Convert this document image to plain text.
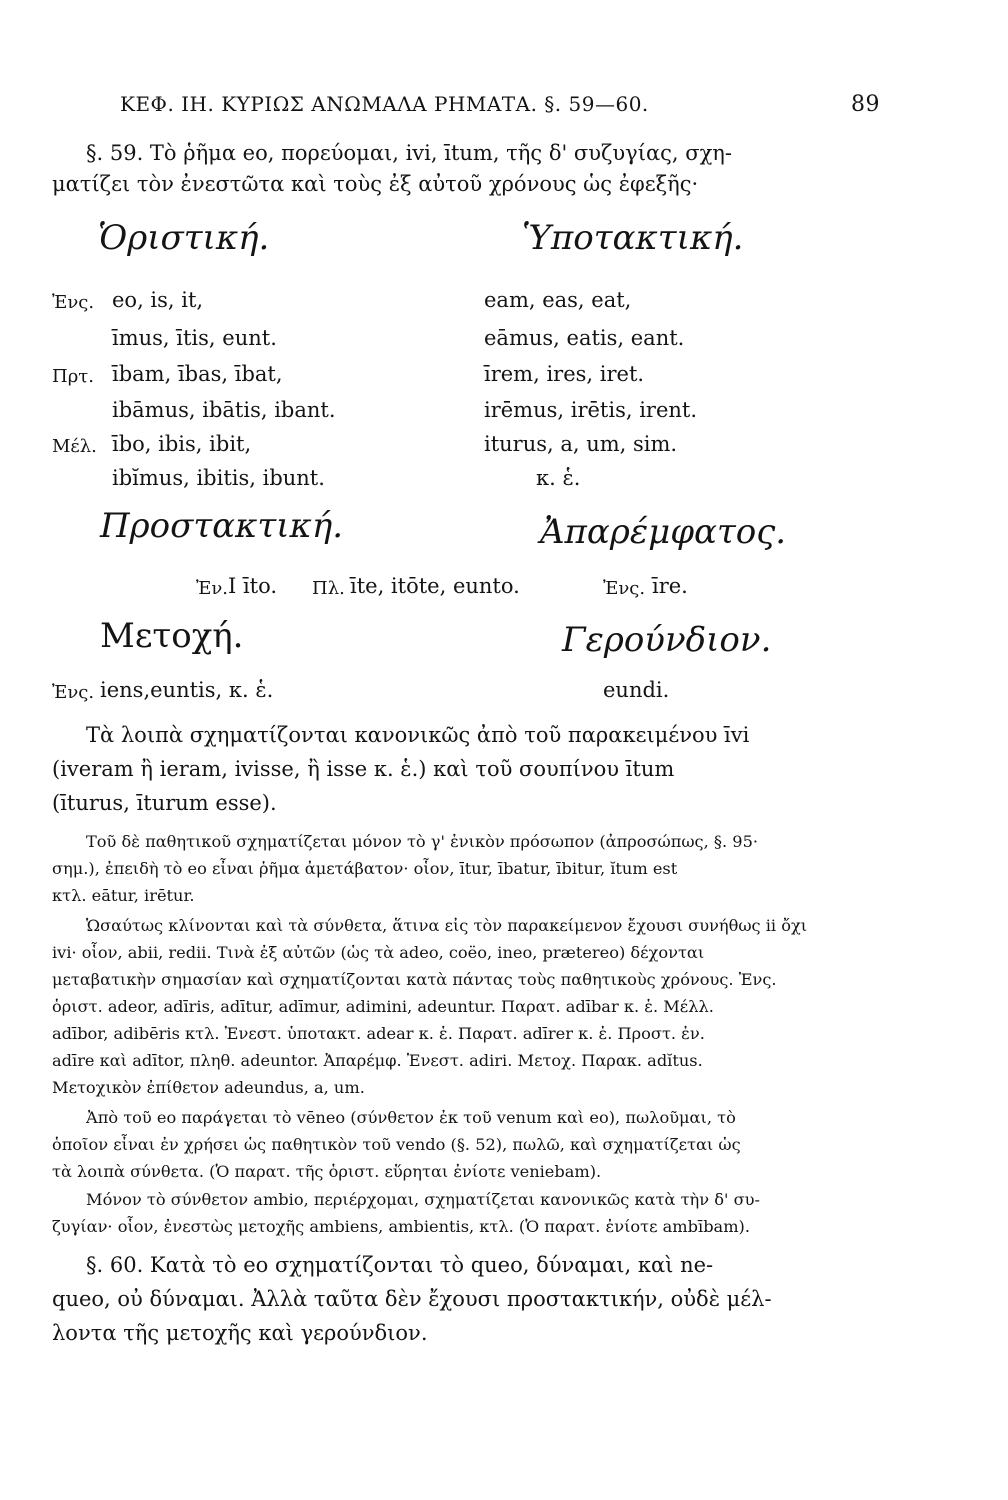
ΚΕΦ. ΙΗ. ΚΥΡΙΩΣ ΑΝΩΜΑΛΑ ΡΗΜΑΤΑ. §. 59—60.	89
§. 59. Τὸ ῥῆμα eo, πορεύομαι, ivi, ītum, τῆς δ' συζυγίας, σχη-
ματίζει τὸν ἐνεστῶτα καὶ τοὺς ἐξ αὐτοῦ χρόνους ὡς ἐφεξῆς·
Ὁριστική.	Ὑποτακτική.
Ἐνς. eo, is, it,	eam, eas, eat,
īmus, ītis, eunt.	eāmus, eatis, eant.
Πρτ. ībam, ības, ībat,	īrem, ires, iret.
ibāmus, ibātis, ibant.	irēmus, irētis, irent.
Μέλ. ībo, ibis, ibit,	iturus, a, um, sim.
ibĭmus, ibitis, ibunt.	κ. ἑ.
Προστακτική.	Ἀπαρέμφατος.
Ἐν. I īto. Πλ. īte, itōte, eunto.	Ἐνς. īre.
Μετοχή.	Γερούνδιον.
Ἐνς. iens,euntis, κ. ἑ.	eundi.
Τὰ λοιπὰ σχηματίζονται κανονικῶς ἀπὸ τοῦ παρακειμένου īvi
(iveram ἢ ieram, ivisse, ἢ isse κ. ἑ.) καὶ τοῦ σουπίνου ītum
(īturus, īturum esse).
Τοῦ δὲ παθητικοῦ σχηματίζεται μόνον τὸ γ' ἑνικὸν πρόσωπον (ἀπροσώπως, §. 95·
σημ.), ἐπειδὴ τὸ eo εἶναι ῥῆμα ἀμετάβατον· οἷον, ītur, ībatur, ībitur, ĭtum est
κτλ. eātur, irētur.
Ὡσαύτως κλίνονται καὶ τὰ σύνθετα, ἅτινα εἰς τὸν παρακείμενον ἔχουσι συνήθως ii ὄχι
ivi· οἷον, abii, redii. Τινὰ ἐξ αὐτῶν (ὡς τὰ adeo, coëo, ineo, prætereo) δέχονται
μεταβατικὴν σημασίαν καὶ σχηματίζονται κατὰ πάντας τοὺς παθητικοὺς χρόνους. Ἐνς.
ὁριστ. adeor, adīris, adītur, adīmur, adimini, adeuntur. Παρατ. adībar κ. ἑ. Μέλλ.
adībor, adibēris κτλ. Ἐνεστ. ὑποτακτ. adear κ. ἑ. Παρατ. adīrer κ. ἑ. Προστ. ἐν.
adīre καὶ adītor, πληθ. adeuntor. Ἀπαρέμφ. Ἐνεστ. adiri. Μετοχ. Παρακ. adĭtus.
Μετοχικὸν ἐπίθετον adeundus, a, um.
Ἀπὸ τοῦ eo παράγεται τὸ vēneo (σύνθετον ἐκ τοῦ venum καὶ eo), πωλοῦμαι, τὸ
ὁποῖον εἶναι ἐν χρήσει ὡς παθητικὸν τοῦ vendo (§. 52), πωλῶ, καὶ σχηματίζεται ὡς
τὰ λοιπὰ σύνθετα. (Ὁ παρατ. τῆς ὁριστ. εὕρηται ἐνίοτε veniebam).
Μόνον τὸ σύνθετον ambio, περιέρχομαι, σχηματίζεται κανονικῶς κατὰ τὴν δ' συ-
ζυγίαν· οἷον, ἐνεστὼς μετοχῆς ambiens, ambientis, κτλ. (Ὁ παρατ. ἐνίοτε ambībam).
§. 60. Κατὰ τὸ eo σχηματίζονται τὸ queo, δύναμαι, καὶ ne-
queo, οὐ δύναμαι. Ἀλλὰ ταῦτα δὲν ἔχουσι προστακτικήν, οὐδὲ μέλ-
λοντα τῆς μετοχῆς καὶ γερούνδιον.
